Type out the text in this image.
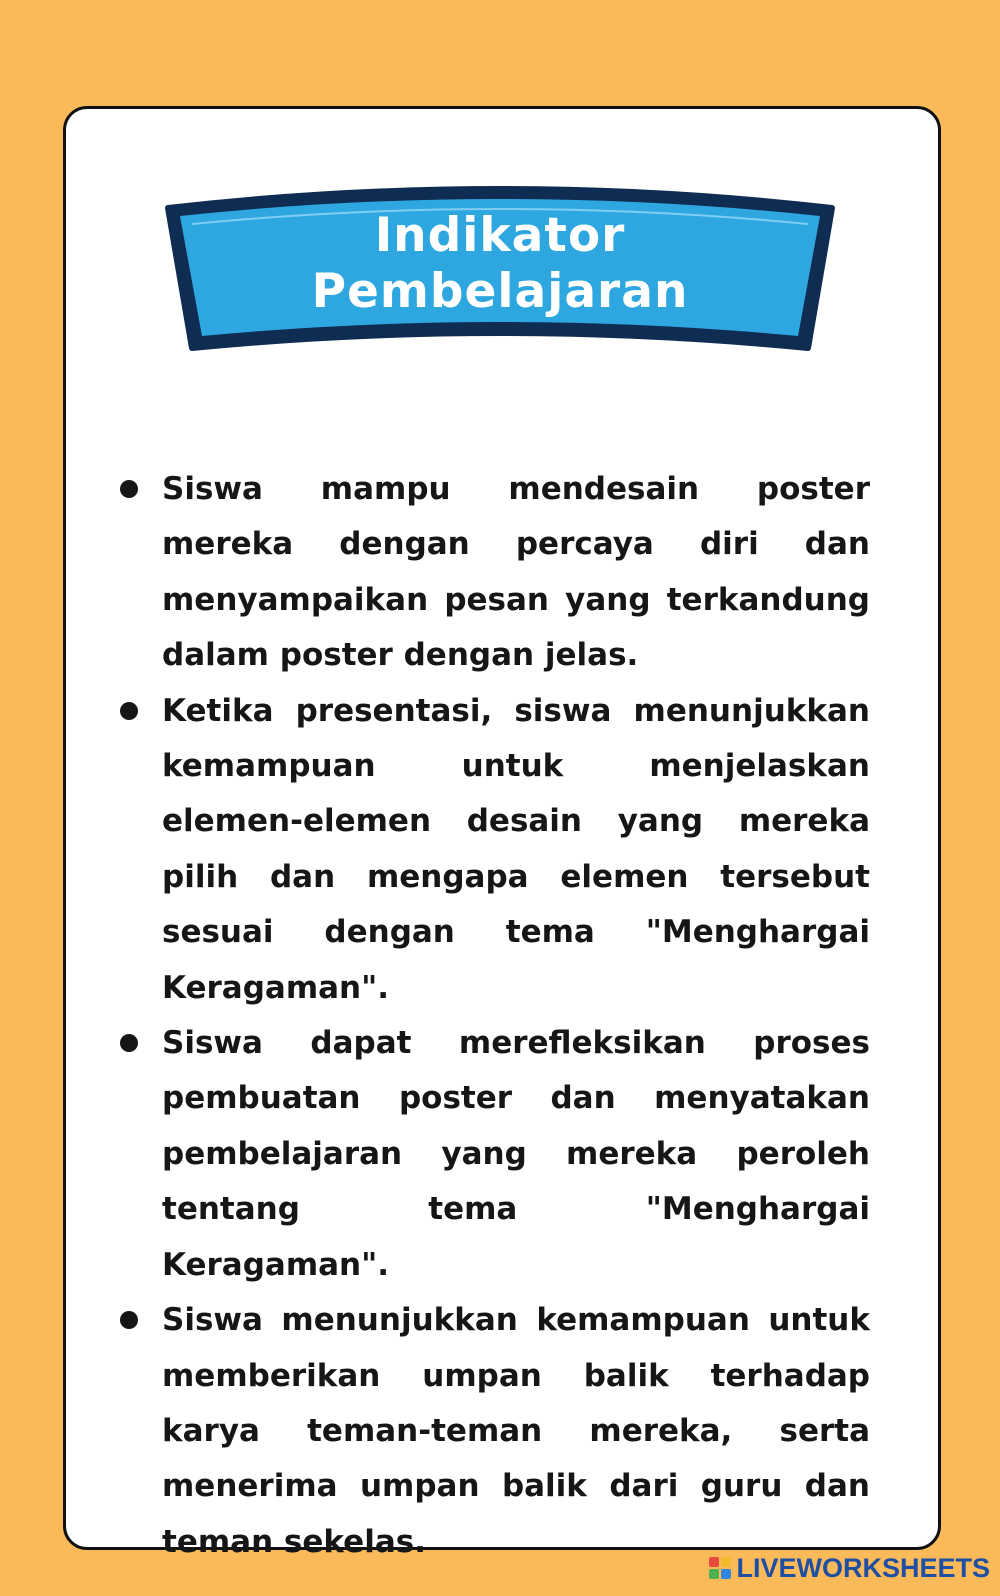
Indikator
Pembelajaran
Siswa mampu mendesain poster mereka dengan percaya diri dan menyampaikan pesan yang terkandung dalam poster dengan jelas.
Ketika presentasi, siswa menunjukkan kemampuan untuk menjelaskan elemen-elemen desain yang mereka pilih dan mengapa elemen tersebut sesuai dengan tema "Menghargai Keragaman".
Siswa dapat merefleksikan proses pembuatan poster dan menyatakan pembelajaran yang mereka peroleh tentang tema "Menghargai Keragaman".
Siswa menunjukkan kemampuan untuk memberikan umpan balik terhadap karya teman-teman mereka, serta menerima umpan balik dari guru dan teman sekelas.
LIVEWORKSHEETS
